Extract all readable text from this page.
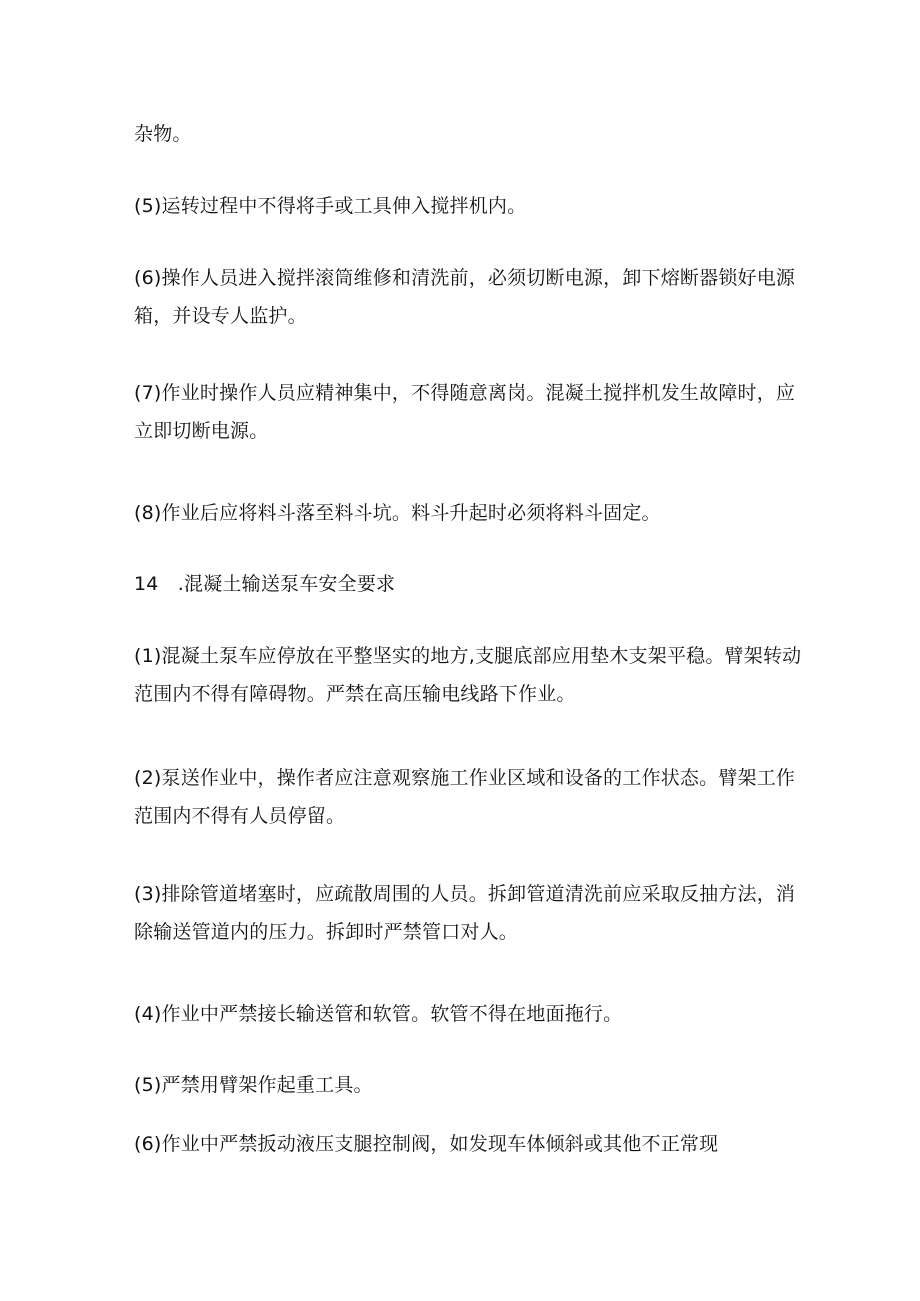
杂物。

(5)运转过程中不得将手或工具伸入搅拌机内。

(6)操作人员进入搅拌滚筒维修和清洗前，必须切断电源，卸下熔断器锁好电源箱，并设专人监护。

(7)作业时操作人员应精神集中，不得随意离岗。混凝土搅拌机发生故障时，应立即切断电源。

(8)作业后应将料斗落至料斗坑。料斗升起时必须将料斗固定。

14　.混凝土输送泵车安全要求

(1)混凝土泵车应停放在平整坚实的地方,支腿底部应用垫木支架平稳。臂架转动范围内不得有障碍物。严禁在高压输电线路下作业。

(2)泵送作业中，操作者应注意观察施工作业区域和设备的工作状态。臂架工作范围内不得有人员停留。

(3)排除管道堵塞时，应疏散周围的人员。拆卸管道清洗前应采取反抽方法，消除输送管道内的压力。拆卸时严禁管口对人。

(4)作业中严禁接长输送管和软管。软管不得在地面拖行。

(5)严禁用臂架作起重工具。

(6)作业中严禁扳动液压支腿控制阀，如发现车体倾斜或其他不正常现
